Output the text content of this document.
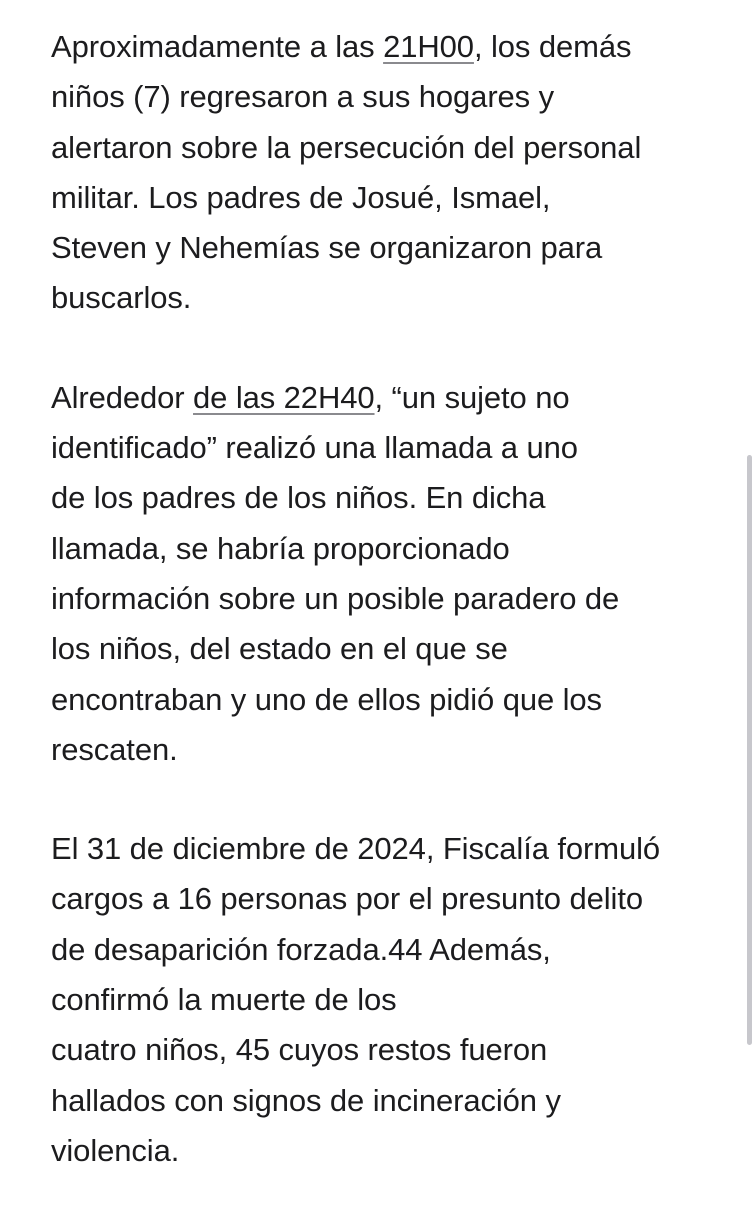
Aproximadamente a las 21H00, los demás
niños (7) regresaron a sus hogares y
alertaron sobre la persecución del personal
militar. Los padres de Josué, Ismael,
Steven y Nehemías se organizaron para
buscarlos.

Alrededor de las 22H40, “un sujeto no
identificado” realizó una llamada a uno
de los padres de los niños. En dicha
llamada, se habría proporcionado
información sobre un posible paradero de
los niños, del estado en el que se
encontraban y uno de ellos pidió que los
rescaten.

El 31 de diciembre de 2024, Fiscalía formuló
cargos a 16 personas por el presunto delito
de desaparición forzada.44 Además,
confirmó la muerte de los
cuatro niños, 45 cuyos restos fueron
hallados con signos de incineración y
violencia.
